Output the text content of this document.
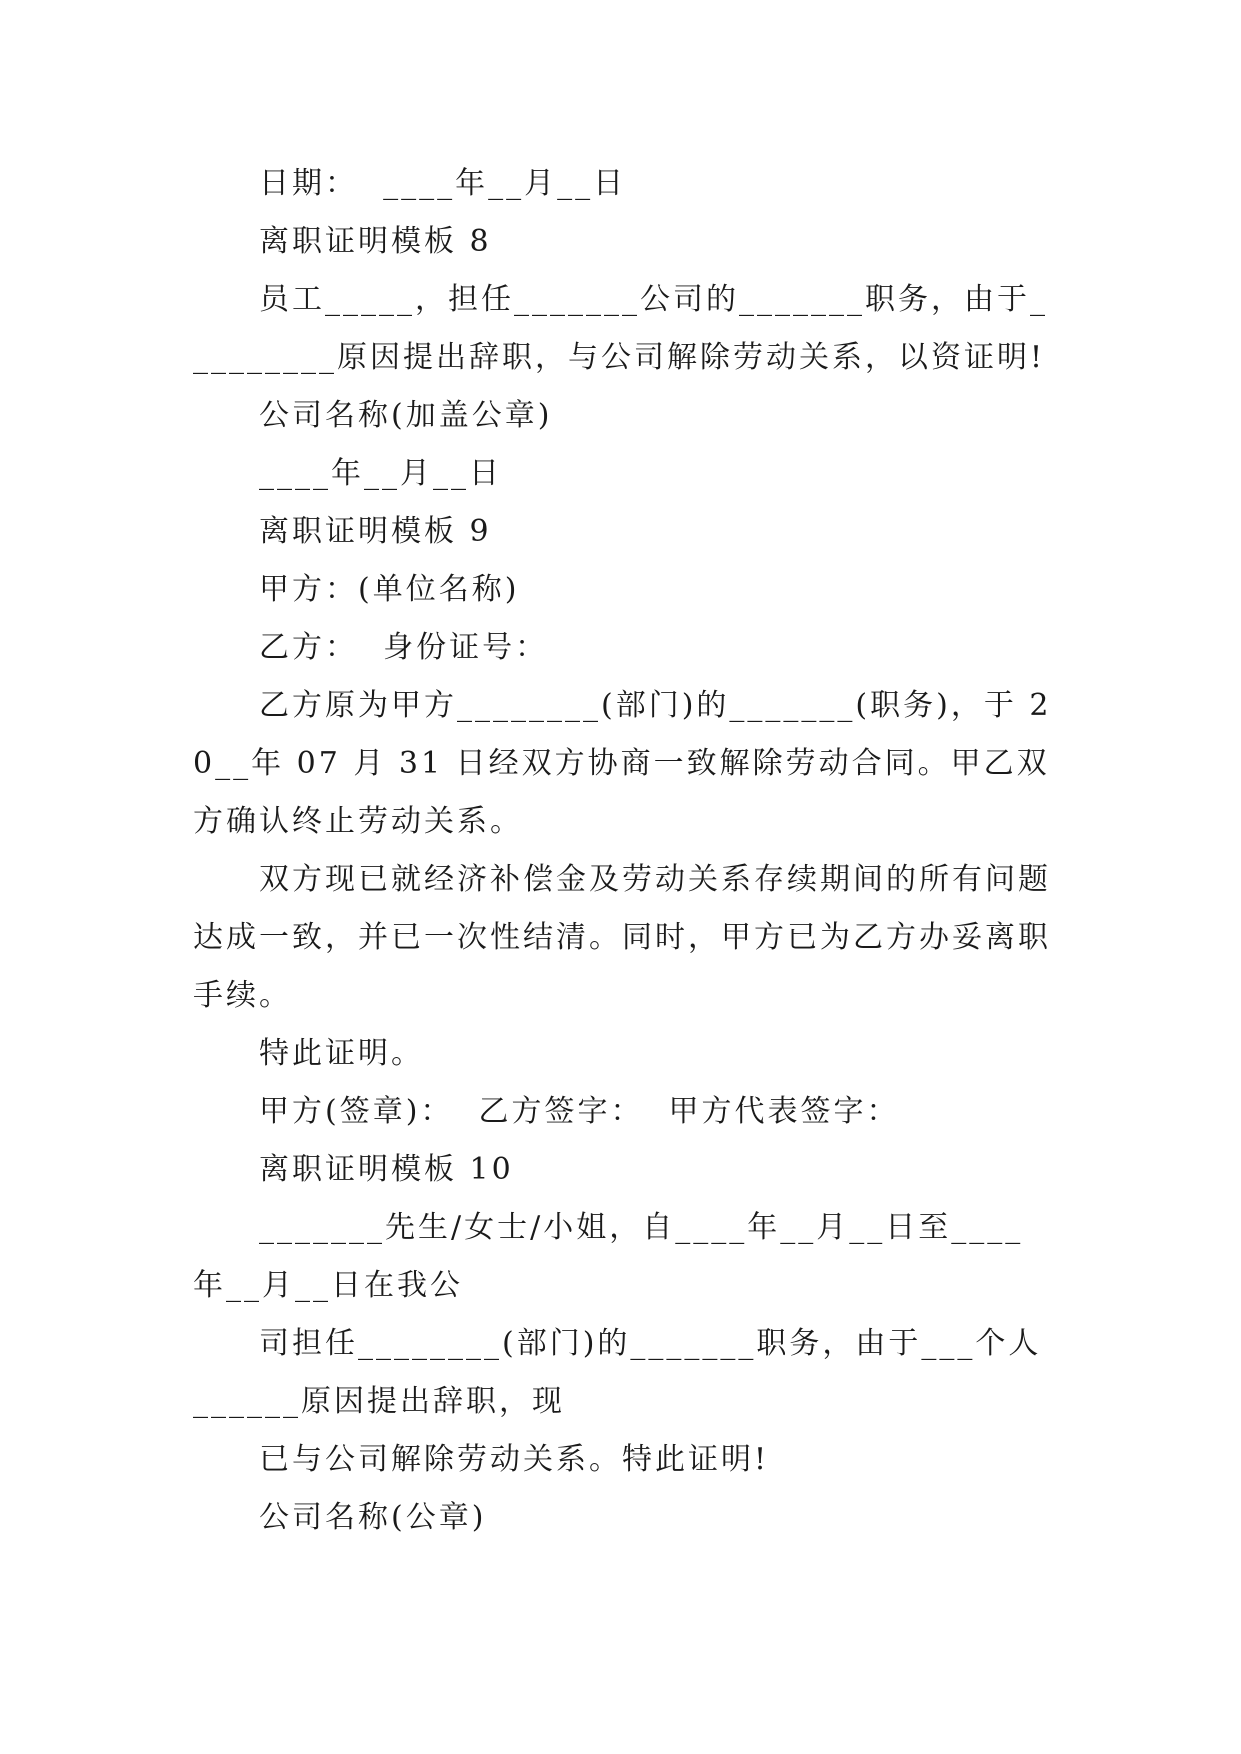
日期：  ____年__月__日

离职证明模板 8

员工_____，担任_______公司的_______职务，由于_________原因提出辞职，与公司解除劳动关系，以资证明!

公司名称(加盖公章)

____年__月__日

离职证明模板 9

甲方：(单位名称)

乙方：  身份证号：

乙方原为甲方________(部门)的_______(职务)，于 20__年 07 月 31 日经双方协商一致解除劳动合同。甲乙双方确认终止劳动关系。

双方现已就经济补偿金及劳动关系存续期间的所有问题达成一致，并已一次性结清。同时，甲方已为乙方办妥离职手续。

特此证明。

甲方(签章)：  乙方签字：  甲方代表签字：

离职证明模板 10

_______先生/女士/小姐，自____年__月__日至____年__月__日在我公

司担任________(部门)的_______职务，由于___个人______原因提出辞职，现

已与公司解除劳动关系。特此证明!

公司名称(公章)
